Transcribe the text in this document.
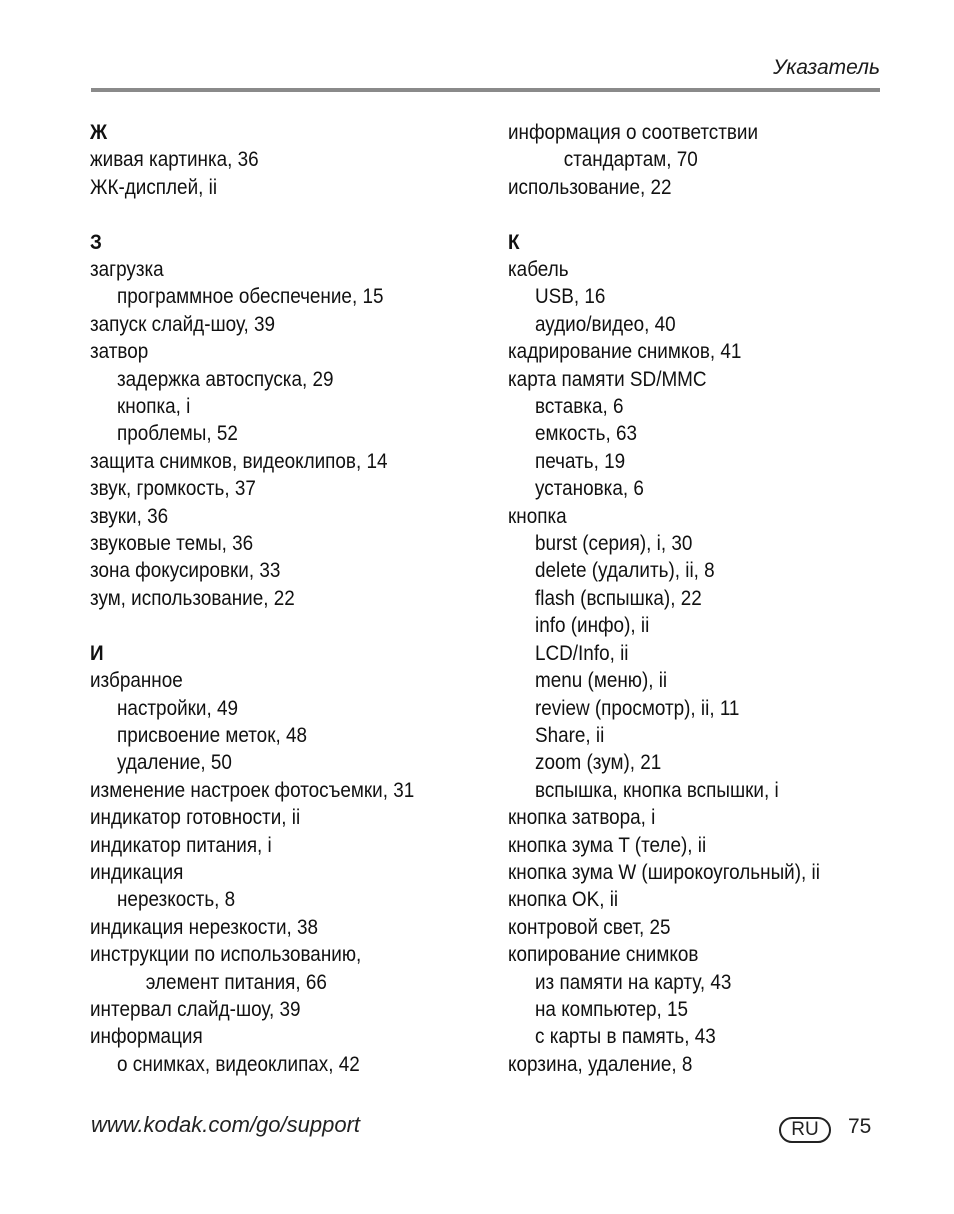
Указатель
Ж
живая картинка, 36
ЖК-дисплей, ii
З
загрузка
программное обеспечение, 15
запуск слайд-шоу, 39
затвор
задержка автоспуска, 29
кнопка, i
проблемы, 52
защита снимков, видеоклипов, 14
звук, громкость, 37
звуки, 36
звуковые темы, 36
зона фокусировки, 33
зум, использование, 22
И
избранное
настройки, 49
присвоение меток, 48
удаление, 50
изменение настроек фотосъемки, 31
индикатор готовности, ii
индикатор питания, i
индикация
нерезкость, 8
индикация нерезкости, 38
инструкции по использованию,
элемент питания, 66
интервал слайд-шоу, 39
информация
о снимках, видеоклипах, 42
информация о соответствии
стандартам, 70
использование, 22
К
кабель
USB, 16
аудио/видео, 40
кадрирование снимков, 41
карта памяти SD/MMC
вставка, 6
емкость, 63
печать, 19
установка, 6
кнопка
burst (серия), i, 30
delete (удалить), ii, 8
flash (вспышка), 22
info (инфо), ii
LCD/Info, ii
menu (меню), ii
review (просмотр), ii, 11
Share, ii
zoom (зум), 21
вспышка, кнопка вспышки, i
кнопка затвора, i
кнопка зума T (теле), ii
кнопка зума W (широкоугольный), ii
кнопка OK, ii
контровой свет, 25
копирование снимков
из памяти на карту, 43
на компьютер, 15
с карты в память, 43
корзина, удаление, 8
www.kodak.com/go/support	RU	75
